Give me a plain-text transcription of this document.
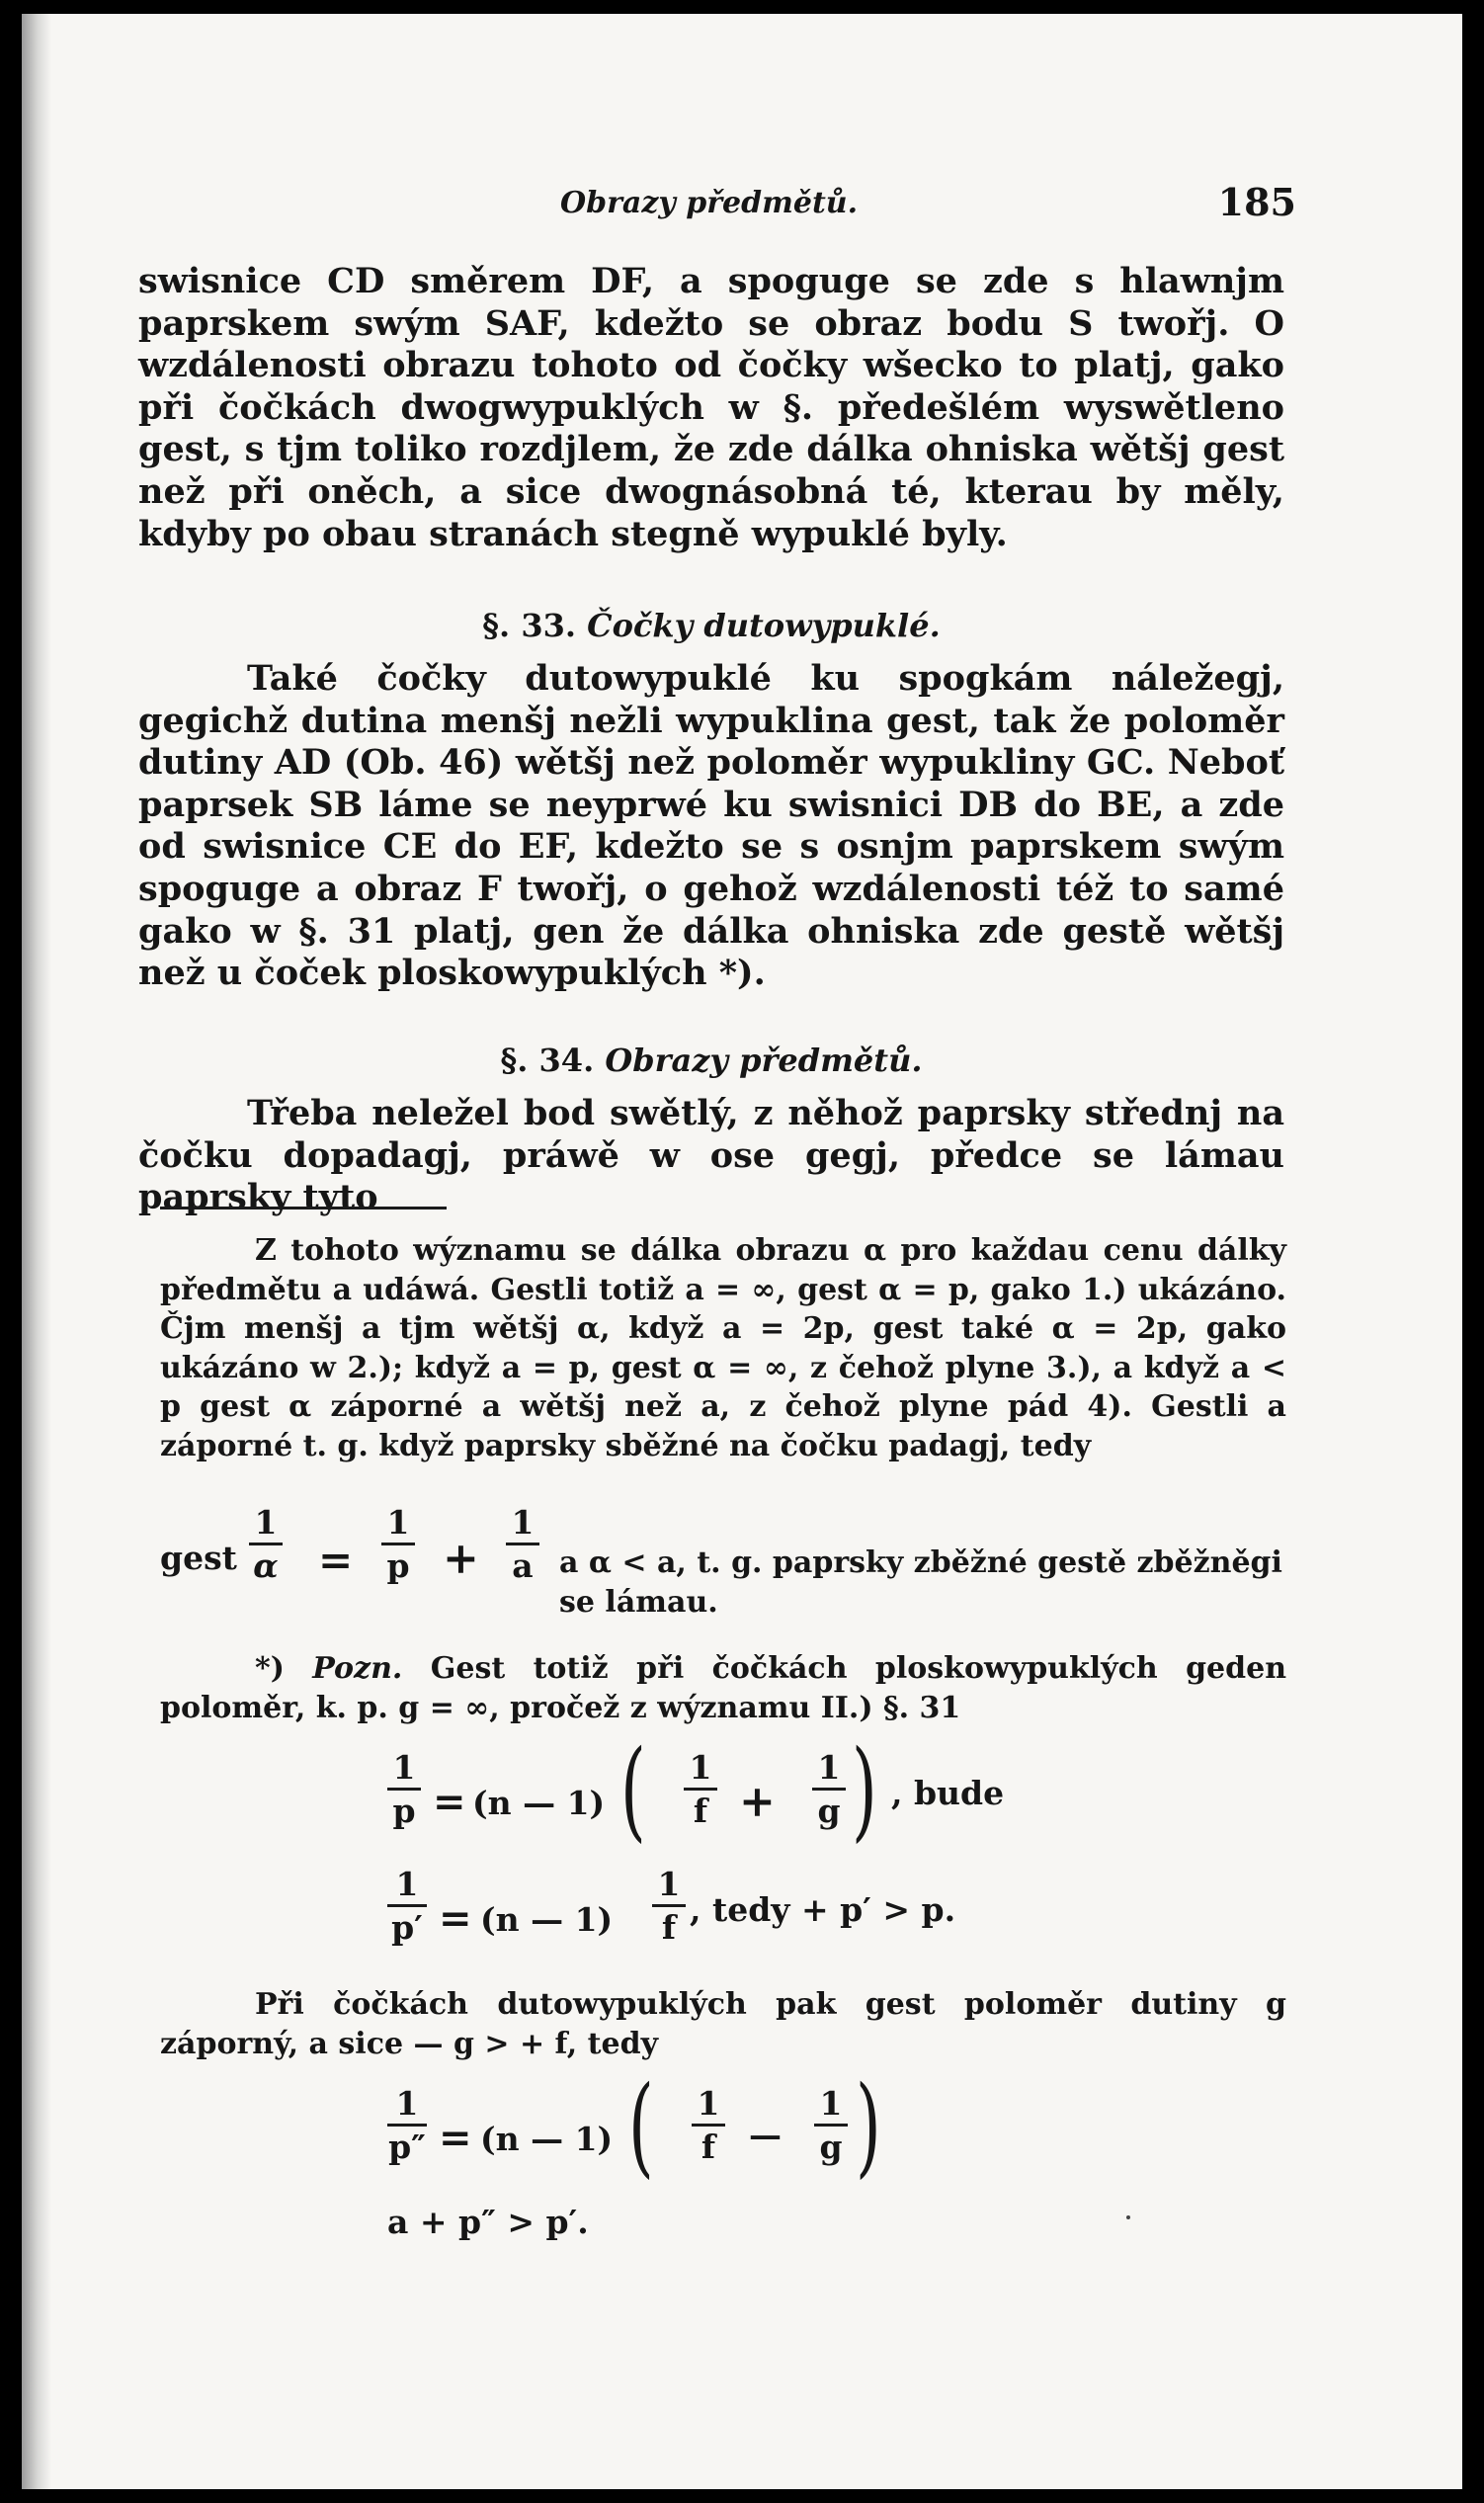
Obrazy předmětů.	185

swisnice CD směrem DF, a spoguge se zde s hlawnjm paprskem swým SAF, kdežto se obraz bodu S twořj. O wzdálenosti obrazu tohoto od čočky wšecko to platj, gako při čočkách dwogwypuklých w §. předešlém wyswětleno gest, s tjm toliko rozdjlem, že zde dálka ohniska wětšj gest než při oněch, a sice dwognásobná té, kterau by měly, kdyby po obau stranách stegně wypuklé byly.

§. 33. Čočky dutowypuklé.

Také čočky dutowypuklé ku spogkám náležegj, gegichž dutina menšj nežli wypuklina gest, tak že poloměr dutiny AD (Ob. 46) wětšj než poloměr wypukliny GC. Neboť paprsek SB láme se neyprwé ku swisnici DB do BE, a zde od swisnice CE do EF, kdežto se s osnjm paprskem swým spoguge a obraz F twořj, o gehož wzdálenosti též to samé gako w §. 31 platj, gen že dálka ohniska zde gestě wětšj než u čoček ploskowypuklých *).

§. 34. Obrazy předmětů.

Třeba neležel bod swětlý, z něhož paprsky střednj na čočku dopadagj, práwě w ose gegj, předce se lámau paprsky tyto

Z tohoto wýznamu se dálka obrazu α pro každau cenu dálky předmětu a udáwá. Gestli totiž a = ∞, gest α = p, gako 1.) ukázáno. Čjm menšj a tjm wětšj α, když a = 2p, gest také α = 2p, gako ukázáno w 2.); když a = p, gest α = ∞, z čehož plyne 3.), a když a < p gest α záporné a wětšj než a, z čehož plyne pád 4). Gestli a záporné t. g. když paprsky sběžné na čočku padagj, tedy

gest
1
α =
1
p +
1
a a α < a, t. g. paprsky zběžné gestě zběžněgi se lámau.

*) Pozn. Gest totiž při čočkách ploskowypuklých geden poloměr, k. p. g = ∞, pročež z wýznamu II.) §. 31

1
p = (n — 1) ( 1
f +
1
g ) , bude
1
p′ = (n — 1)
1
f , tedy + p′ > p.

Při čočkách dutowypuklých pak gest poloměr dutiny g záporný, a sice — g > + f, tedy

1
p″ = (n — 1) ( 1
f	—
1
g )
a + p″ > p′.
